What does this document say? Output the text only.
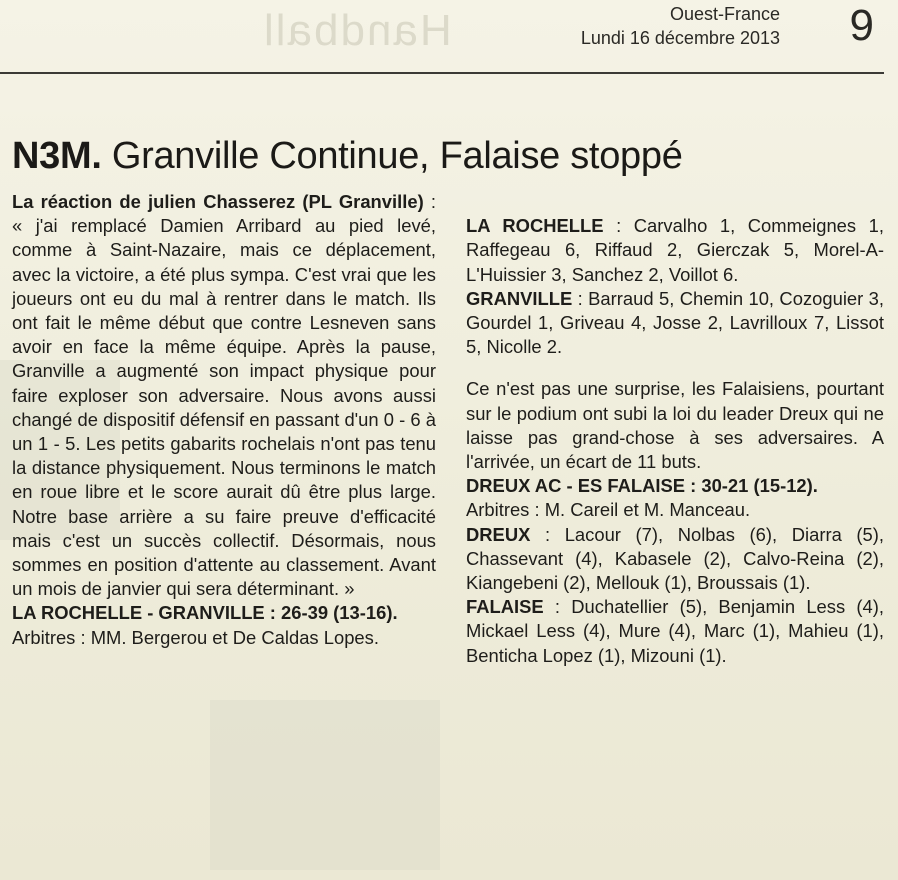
Handball	Ouest-France
Lundi 16 décembre 2013 9
N3M. Granville Continue, Falaise stoppé

La réaction de julien Chasserez (PL Granville) : « j'ai remplacé Damien Arribard au pied levé, comme à Saint-Nazaire, mais ce déplacement, avec la victoire, a été plus sympa. C'est vrai que les joueurs ont eu du mal à rentrer dans le match. Ils ont fait le même début que contre Lesneven sans avoir en face la même équipe. Après la pause, Granville a augmenté son impact physique pour faire exploser son adversaire. Nous avons aussi changé de dispositif défensif en passant d'un 0 - 6 à un 1 - 5. Les petits gabarits rochelais n'ont pas tenu la distance physiquement. Nous terminons le match en roue libre et le score aurait dû être plus large. Notre base arrière a su faire preuve d'efficacité mais c'est un succès collectif. Désormais, nous sommes en position d'attente au classement. Avant un mois de janvier qui sera déterminant. »

LA ROCHELLE - GRANVILLE : 26-39 (13-16).

Arbitres : MM. Bergerou et De Caldas Lopes.

LA ROCHELLE : Carvalho 1, Commeignes 1, Raffegeau 6, Riffaud 2, Gierczak 5, Morel-A-L'Huissier 3, Sanchez 2, Voillot 6.

GRANVILLE : Barraud 5, Chemin 10, Cozoguier 3, Gourdel 1, Griveau 4, Josse 2, Lavrilloux 7, Lissot 5, Nicolle 2.

Ce n'est pas une surprise, les Falaisiens, pourtant sur le podium ont subi la loi du leader Dreux qui ne laisse pas grand-chose à ses adversaires. A l'arrivée, un écart de 11 buts.

DREUX AC - ES FALAISE : 30-21 (15-12).

Arbitres : M. Careil et M. Manceau.

DREUX : Lacour (7), Nolbas (6), Diarra (5), Chassevant (4), Kabasele (2), Calvo-Reina (2), Kiangebeni (2), Mellouk (1), Broussais (1).

FALAISE : Duchatellier (5), Benjamin Less (4), Mickael Less (4), Mure (4), Marc (1), Mahieu (1), Benticha Lopez (1), Mizouni (1).
